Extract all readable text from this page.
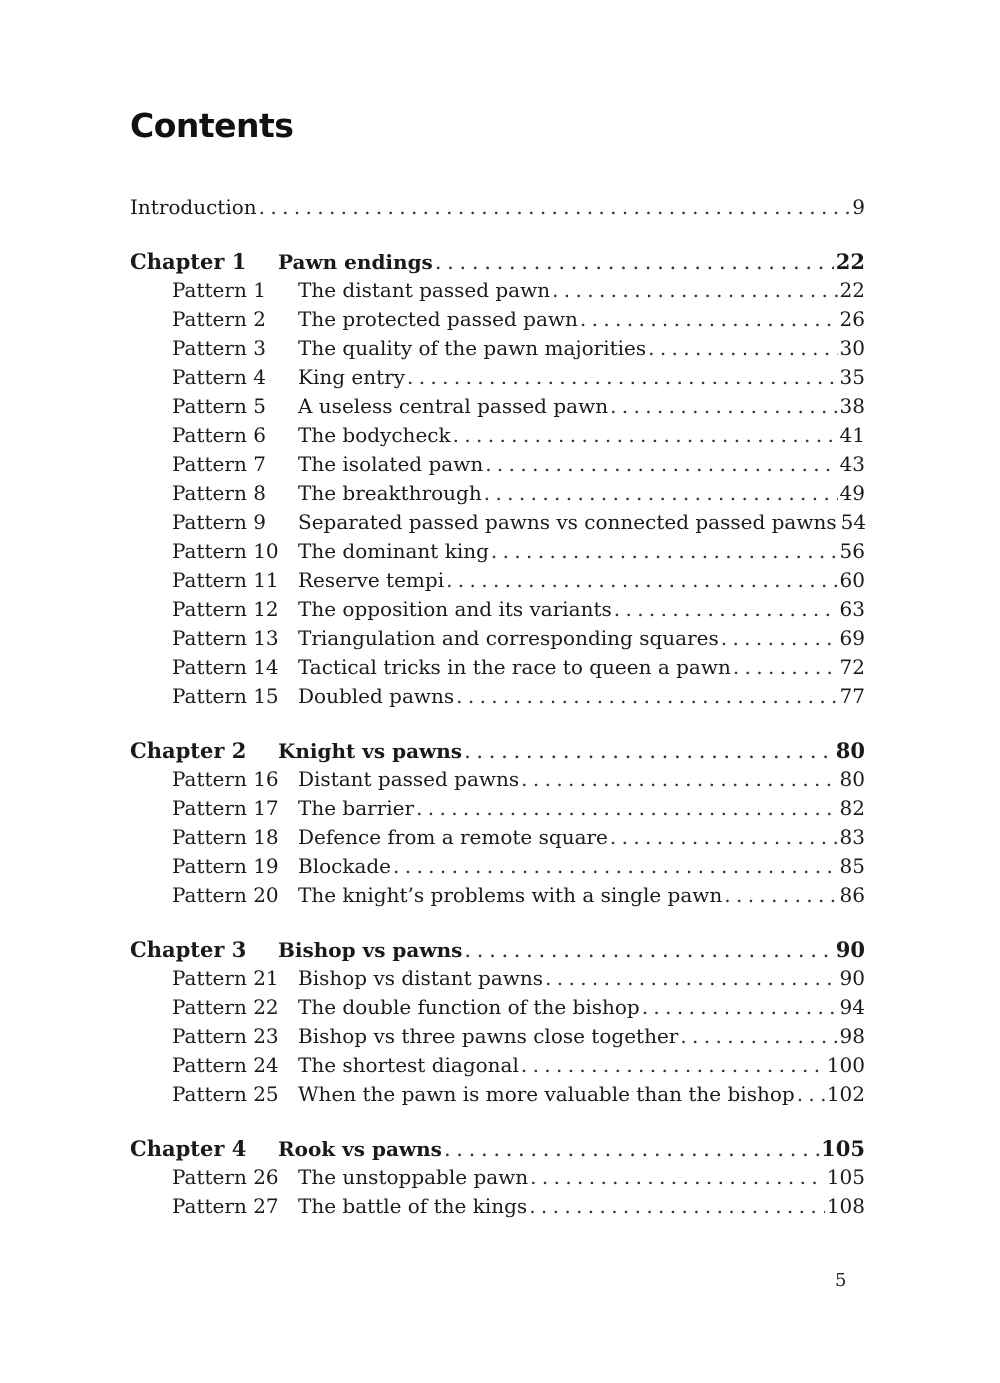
Contents
Introduction . . .	9
Chapter 1	Pawn endings . . .	22
Pattern 1	The distant passed pawn . . .	22
Pattern 2	The protected passed pawn . . .	26
Pattern 3	The quality of the pawn majorities . . .	30
Pattern 4	King entry . . .	35
Pattern 5	A useless central passed pawn . . .	38
Pattern 6	The bodycheck . . .	41
Pattern 7	The isolated pawn . . .	43
Pattern 8	The breakthrough . . .	49
Pattern 9	Separated passed pawns vs connected passed pawns 54
Pattern 10 The dominant king . . .	56
Pattern 11 Reserve tempi . . .	60
Pattern 12 The opposition and its variants . . .	63
Pattern 13 Triangulation and corresponding squares . . .	69
Pattern 14 Tactical tricks in the race to queen a pawn . . .	72
Pattern 15 Doubled pawns . . .	77
Chapter 2	Knight vs pawns . . .	80
Pattern 16 Distant passed pawns . . .	80
Pattern 17 The barrier . . .	82
Pattern 18 Defence from a remote square . . .	83
Pattern 19 Blockade . . .	85
Pattern 20 The knight’s problems with a single pawn . . .	86
Chapter 3	Bishop vs pawns . . .	90
Pattern 21 Bishop vs distant pawns . . .	90
Pattern 22 The double function of the bishop . . .	94
Pattern 23 Bishop vs three pawns close together . . .	98
Pattern 24 The shortest diagonal . . .	100
Pattern 25 When the pawn is more valuable than the bishop . . . 102
Chapter 4	Rook vs pawns . . .	105
Pattern 26 The unstoppable pawn . . .	105
Pattern 27 The battle of the kings . . .	108
5
